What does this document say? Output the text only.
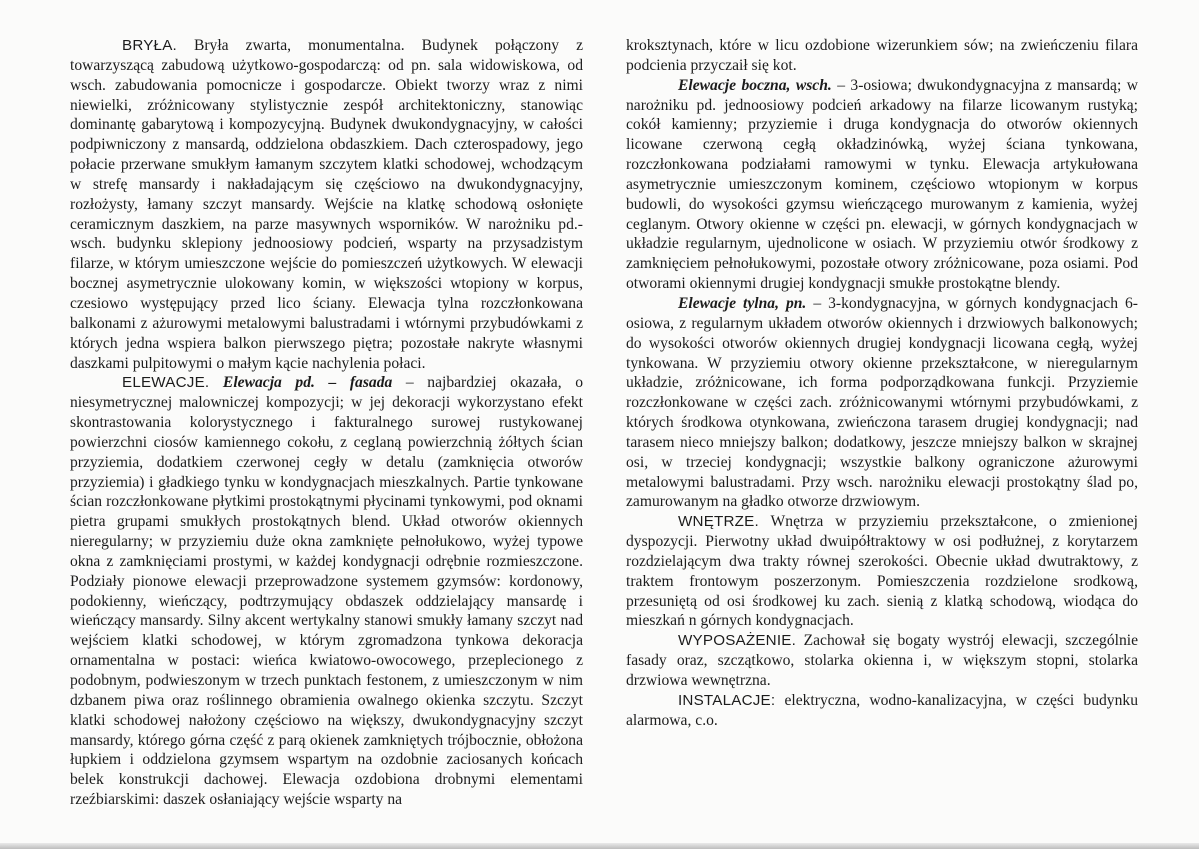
BRYŁA. Bryła zwarta, monumentalna. Budynek połączony z towarzyszącą zabudową użytkowo-gospodarczą: od pn. sala widowiskowa, od wsch. zabudowania pomocnicze i gospodarcze. Obiekt tworzy wraz z nimi niewielki, zróżnicowany stylistycznie zespół architektoniczny, stanowiąc dominantę gabarytową i kompozycyjną. Budynek dwukondygnacyjny, w całości podpiwniczony z mansardą, oddzielona obdaszkiem. Dach czterospadowy, jego połacie przerwane smukłym łamanym szczytem klatki schodowej, wchodzącym w strefę mansardy i nakładającym się częściowo na dwukondygnacyjny, rozłożysty, łamany szczyt mansardy. Wejście na klatkę schodową osłonięte ceramicznym daszkiem, na parze masywnych wsporników. W narożniku pd.-wsch. budynku sklepiony jednoosiowy podcień, wsparty na przysadzistym filarze, w którym umieszczone wejście do pomieszczeń użytkowych. W elewacji bocznej asymetrycznie ulokowany komin, w większości wtopiony w korpus, czesiowo występujący przed lico ściany. Elewacja tylna rozczłonkowana balkonami z ażurowymi metalowymi balustradami i wtórnymi przybudówkami z których jedna wspiera balkon pierwszego piętra; pozostałe nakryte własnymi daszkami pulpitowymi o małym kącie nachylenia połaci.

ELEWACJE. Elewacja pd. – fasada – najbardziej okazała, o niesymetrycznej malowniczej kompozycji; w jej dekoracji wykorzystano efekt skontrastowania kolorystycznego i fakturalnego surowej rustykowanej powierzchni ciosów kamiennego cokołu, z ceglaną powierzchnią żółtych ścian przyziemia, dodatkiem czerwonej cegły w detalu (zamknięcia otworów przyziemia) i gładkiego tynku w kondygnacjach mieszkalnych. Partie tynkowane ścian rozczłonkowane płytkimi prostokątnymi płycinami tynkowymi, pod oknami pietra grupami smukłych prostokątnych blend. Układ otworów okiennych nieregularny; w przyziemiu duże okna zamknięte pełnołukowo, wyżej typowe okna z zamknięciami prostymi, w każdej kondygnacji odrębnie rozmieszczone. Podziały pionowe elewacji przeprowadzone systemem gzymsów: kordonowy, podokienny, wieńczący, podtrzymujący obdaszek oddzielający mansardę i wieńczący mansardy. Silny akcent wertykalny stanowi smukły łamany szczyt nad wejściem klatki schodowej, w którym zgromadzona tynkowa dekoracja ornamentalna w postaci: wieńca kwiatowo-owocowego, przeplecionego z podobnym, podwieszonym w trzech punktach festonem, z umieszczonym w nim dzbanem piwa oraz roślinnego obramienia owalnego okienka szczytu. Szczyt klatki schodowej nałożony częściowo na większy, dwukondygnacyjny szczyt mansardy, którego górna część z parą okienek zamkniętych trójbocznie, obłożona łupkiem i oddzielona gzymsem wspartym na ozdobnie zaciosanych końcach belek konstrukcji dachowej. Elewacja ozdobiona drobnymi elementami rzeźbiarskimi: daszek osłaniający wejście wsparty na

kroksztynach, które w licu ozdobione wizerunkiem sów; na zwieńczeniu filara podcienia przyczaił się kot.

Elewacje boczna, wsch. – 3-osiowa; dwukondygnacyjna z mansardą; w narożniku pd. jednoosiowy podcień arkadowy na filarze licowanym rustyką; cokół kamienny; przyziemie i druga kondygnacja do otworów okiennych licowane czerwoną cegłą okładzinówką, wyżej ściana tynkowana, rozczłonkowana podziałami ramowymi w tynku. Elewacja artykułowana asymetrycznie umieszczonym kominem, częściowo wtopionym w korpus budowli, do wysokości gzymsu wieńczącego murowanym z kamienia, wyżej ceglanym. Otwory okienne w części pn. elewacji, w górnych kondygnacjach w układzie regularnym, ujednolicone w osiach. W przyziemiu otwór środkowy z zamknięciem pełnołukowymi, pozostałe otwory zróżnicowane, poza osiami. Pod otworami okiennymi drugiej kondygnacji smukłe prostokątne blendy.

Elewacje tylna, pn. – 3-kondygnacyjna, w górnych kondygnacjach 6-osiowa, z regularnym układem otworów okiennych i drzwiowych balkonowych; do wysokości otworów okiennych drugiej kondygnacji licowana cegłą, wyżej tynkowana. W przyziemiu otwory okienne przekształcone, w nieregularnym układzie, zróżnicowane, ich forma podporządkowana funkcji. Przyziemie rozczłonkowane w części zach. zróżnicowanymi wtórnymi przybudówkami, z których środkowa otynkowana, zwieńczona tarasem drugiej kondygnacji; nad tarasem nieco mniejszy balkon; dodatkowy, jeszcze mniejszy balkon w skrajnej osi, w trzeciej kondygnacji; wszystkie balkony ograniczone ażurowymi metalowymi balustradami. Przy wsch. narożniku elewacji prostokątny ślad po, zamurowanym na gładko otworze drzwiowym.

WNĘTRZE. Wnętrza w przyziemiu przekształcone, o zmienionej dyspozycji. Pierwotny układ dwuipółtraktowy w osi podłużnej, z korytarzem rozdzielającym dwa trakty równej szerokości. Obecnie układ dwutraktowy, z traktem frontowym poszerzonym. Pomieszczenia rozdzielone srodkową, przesuniętą od osi środkowej ku zach. sienią z klatką schodową, wiodąca do mieszkań n górnych kondygnacjach.

WYPOSAŻENIE. Zachował się bogaty wystrój elewacji, szczególnie fasady oraz, szczątkowo, stolarka okienna i, w większym stopni, stolarka drzwiowa wewnętrzna.

INSTALACJE: elektryczna, wodno-kanalizacyjna, w części budynku alarmowa, c.o.
